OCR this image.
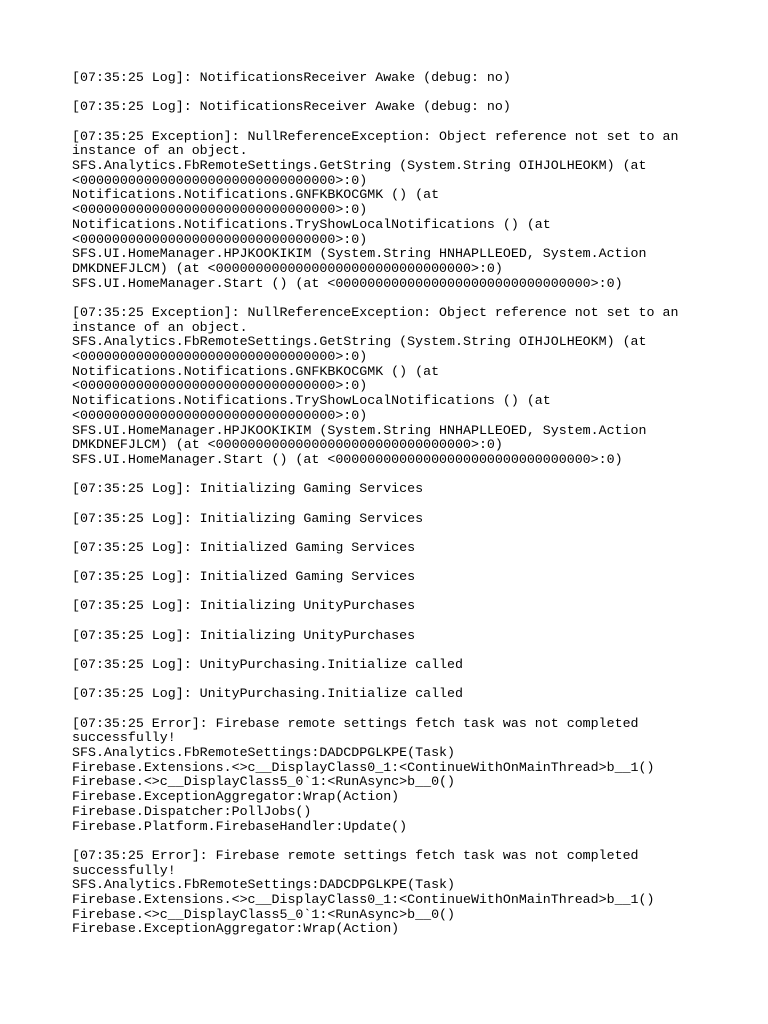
[07:35:25 Log]: NotificationsReceiver Awake (debug: no)
[07:35:25 Log]: NotificationsReceiver Awake (debug: no)
[07:35:25 Exception]: NullReferenceException: Object reference not set to an
instance of an object.
SFS.Analytics.FbRemoteSettings.GetString (System.String OIHJOLHEOKM) (at
<00000000000000000000000000000000>:0)
Notifications.Notifications.GNFKBKOCGMK () (at
<00000000000000000000000000000000>:0)
Notifications.Notifications.TryShowLocalNotifications () (at
<00000000000000000000000000000000>:0)
SFS.UI.HomeManager.HPJKOOKIKIM (System.String HNHAPLLEOED, System.Action
DMKDNEFJLCM) (at <00000000000000000000000000000000>:0)
SFS.UI.HomeManager.Start () (at <00000000000000000000000000000000>:0)
[07:35:25 Exception]: NullReferenceException: Object reference not set to an
instance of an object.
SFS.Analytics.FbRemoteSettings.GetString (System.String OIHJOLHEOKM) (at
<00000000000000000000000000000000>:0)
Notifications.Notifications.GNFKBKOCGMK () (at
<00000000000000000000000000000000>:0)
Notifications.Notifications.TryShowLocalNotifications () (at
<00000000000000000000000000000000>:0)
SFS.UI.HomeManager.HPJKOOKIKIM (System.String HNHAPLLEOED, System.Action
DMKDNEFJLCM) (at <00000000000000000000000000000000>:0)
SFS.UI.HomeManager.Start () (at <00000000000000000000000000000000>:0)
[07:35:25 Log]: Initializing Gaming Services
[07:35:25 Log]: Initializing Gaming Services
[07:35:25 Log]: Initialized Gaming Services
[07:35:25 Log]: Initialized Gaming Services
[07:35:25 Log]: Initializing UnityPurchases
[07:35:25 Log]: Initializing UnityPurchases
[07:35:25 Log]: UnityPurchasing.Initialize called
[07:35:25 Log]: UnityPurchasing.Initialize called
[07:35:25 Error]: Firebase remote settings fetch task was not completed
successfully!
SFS.Analytics.FbRemoteSettings:DADCDPGLKPE(Task)
Firebase.Extensions.<>c__DisplayClass0_1:<ContinueWithOnMainThread>b__1()
Firebase.<>c__DisplayClass5_0`1:<RunAsync>b__0()
Firebase.ExceptionAggregator:Wrap(Action)
Firebase.Dispatcher:PollJobs()
Firebase.Platform.FirebaseHandler:Update()
[07:35:25 Error]: Firebase remote settings fetch task was not completed
successfully!
SFS.Analytics.FbRemoteSettings:DADCDPGLKPE(Task)
Firebase.Extensions.<>c__DisplayClass0_1:<ContinueWithOnMainThread>b__1()
Firebase.<>c__DisplayClass5_0`1:<RunAsync>b__0()
Firebase.ExceptionAggregator:Wrap(Action)
